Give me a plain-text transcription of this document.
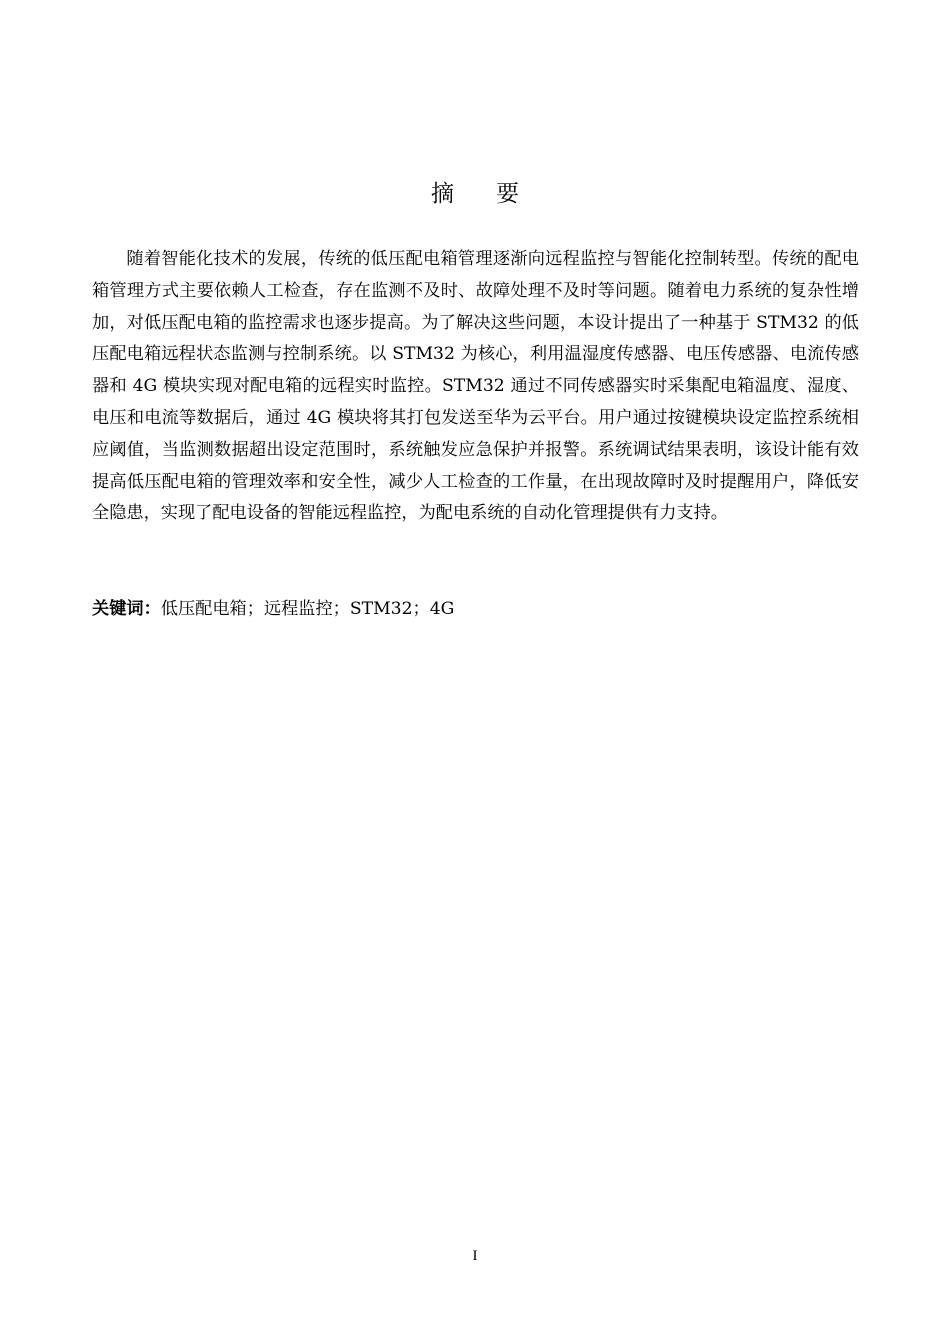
摘要

随着智能化技术的发展，传统的低压配电箱管理逐渐向远程监控与智能化控制转型。传统的配电箱管理方式主要依赖人工检查，存在监测不及时、故障处理不及时等问题。随着电力系统的复杂性增加，对低压配电箱的监控需求也逐步提高。为了解决这些问题，本设计提出了一种基于 STM32 的低压配电箱远程状态监测与控制系统。以 STM32 为核心，利用温湿度传感器、电压传感器、电流传感器和 4G 模块实现对配电箱的远程实时监控。STM32 通过不同传感器实时采集配电箱温度、湿度、电压和电流等数据后，通过 4G 模块将其打包发送至华为云平台。用户通过按键模块设定监控系统相应阈值，当监测数据超出设定范围时，系统触发应急保护并报警。系统调试结果表明，该设计能有效提高低压配电箱的管理效率和安全性，减少人工检查的工作量，在出现故障时及时提醒用户，降低安全隐患，实现了配电设备的智能远程监控，为配电系统的自动化管理提供有力支持。

关键词：低压配电箱；远程监控；STM32；4G

I
